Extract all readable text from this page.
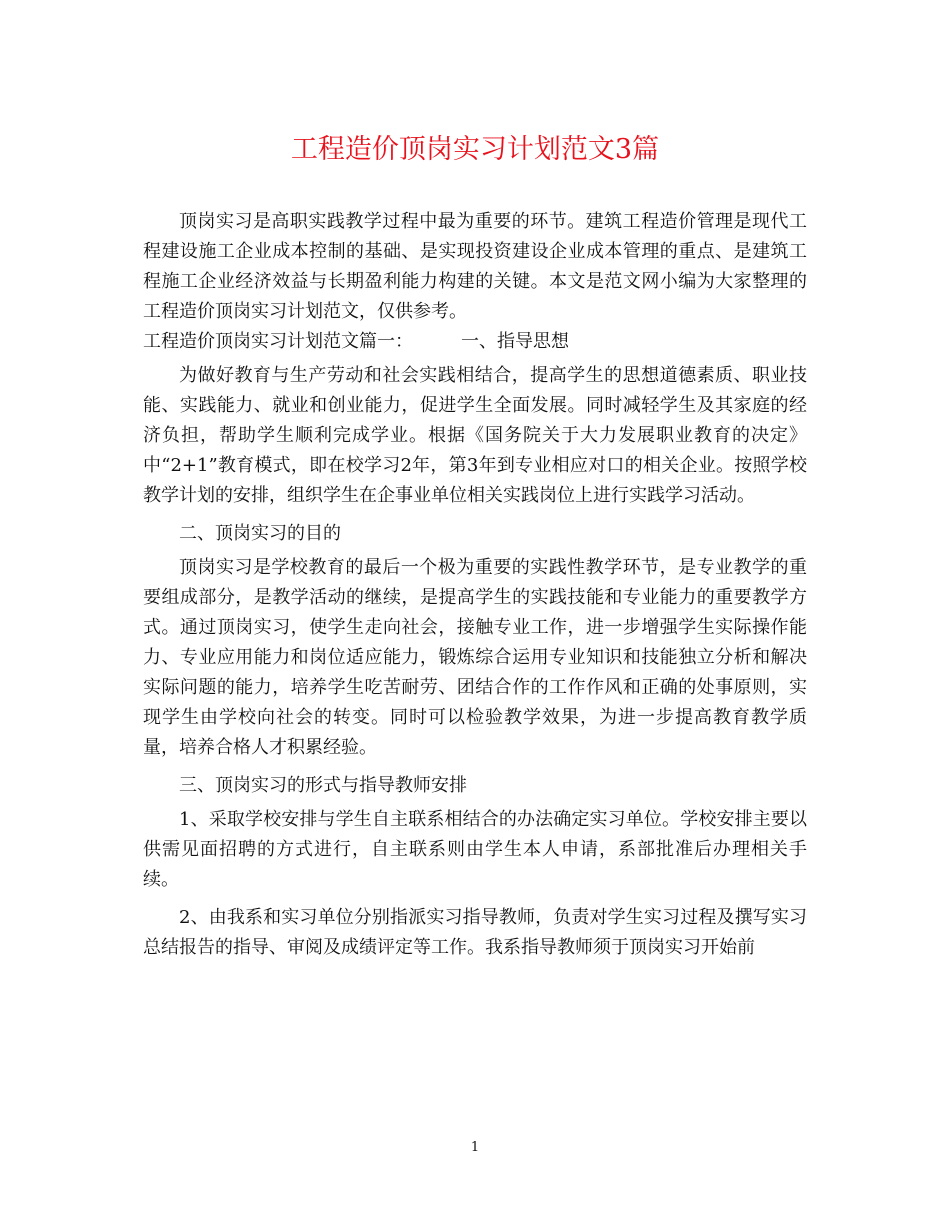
工程造价顶岗实习计划范文3篇

顶岗实习是高职实践教学过程中最为重要的环节。建筑工程造价管理是现代工程建设施工企业成本控制的基础、是实现投资建设企业成本管理的重点、是建筑工程施工企业经济效益与长期盈利能力构建的关键。本文是范文网小编为大家整理的工程造价顶岗实习计划范文，仅供参考。

工程造价顶岗实习计划范文篇一：	一、指导思想

为做好教育与生产劳动和社会实践相结合，提高学生的思想道德素质、职业技能、实践能力、就业和创业能力，促进学生全面发展。同时减轻学生及其家庭的经济负担，帮助学生顺利完成学业。根据《国务院关于大力发展职业教育的决定》中“2+1”教育模式，即在校学习2年，第3年到专业相应对口的相关企业。按照学校教学计划的安排，组织学生在企事业单位相关实践岗位上进行实践学习活动。

二、顶岗实习的目的

顶岗实习是学校教育的最后一个极为重要的实践性教学环节，是专业教学的重要组成部分，是教学活动的继续，是提高学生的实践技能和专业能力的重要教学方式。通过顶岗实习，使学生走向社会，接触专业工作，进一步增强学生实际操作能力、专业应用能力和岗位适应能力，锻炼综合运用专业知识和技能独立分析和解决实际问题的能力，培养学生吃苦耐劳、团结合作的工作作风和正确的处事原则，实现学生由学校向社会的转变。同时可以检验教学效果，为进一步提高教育教学质量，培养合格人才积累经验。

三、顶岗实习的形式与指导教师安排

1、采取学校安排与学生自主联系相结合的办法确定实习单位。学校安排主要以供需见面招聘的方式进行，自主联系则由学生本人申请，系部批准后办理相关手续。

2、由我系和实习单位分别指派实习指导教师，负责对学生实习过程及撰写实习总结报告的指导、审阅及成绩评定等工作。我系指导教师须于顶岗实习开始前

1
